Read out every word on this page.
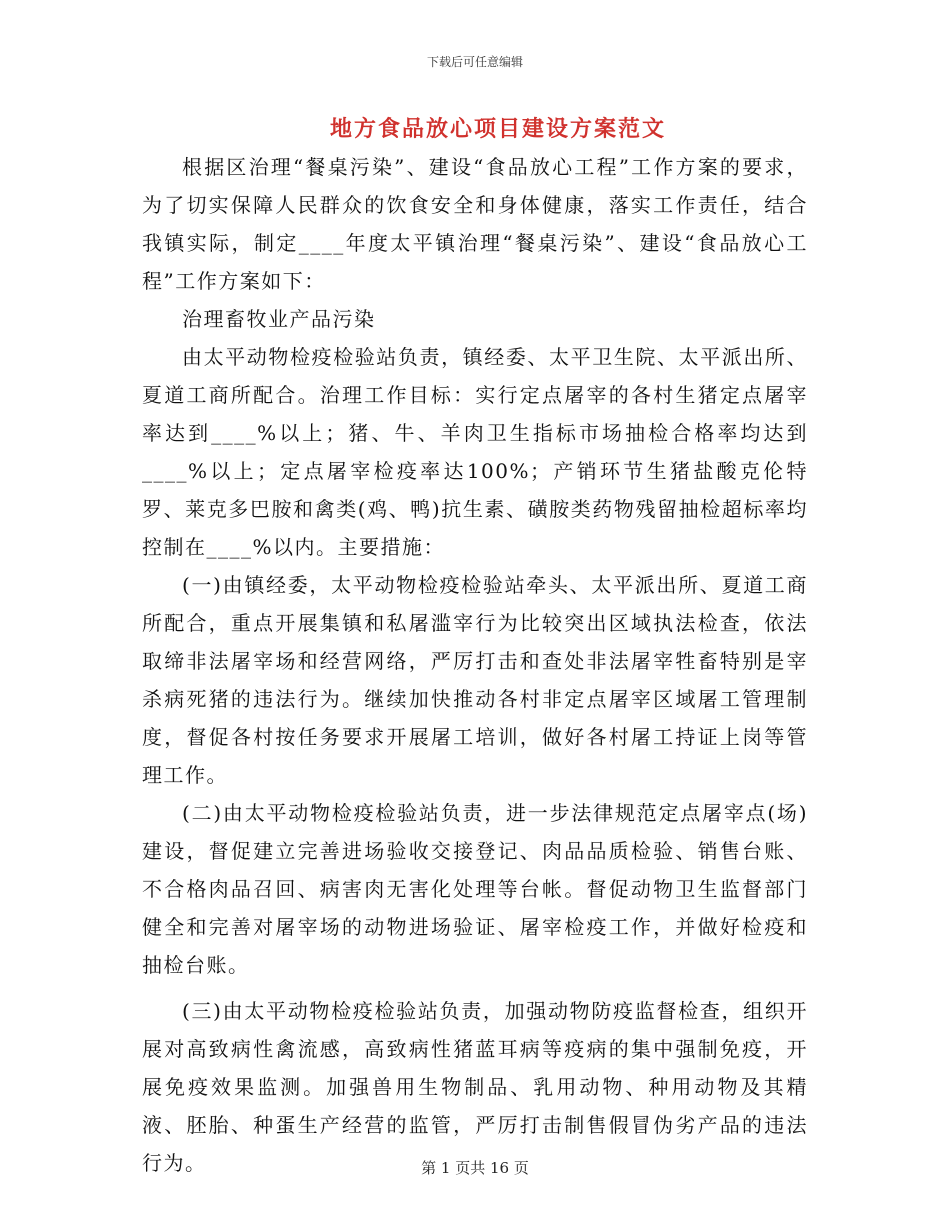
下载后可任意编辑
地方食品放心项目建设方案范文

根据区治理“餐桌污染”、建设“食品放心工程”工作方案的要求，为了切实保障人民群众的饮食安全和身体健康，落实工作责任，结合我镇实际，制定____年度太平镇治理“餐桌污染”、建设“食品放心工程”工作方案如下：

治理畜牧业产品污染

由太平动物检疫检验站负责，镇经委、太平卫生院、太平派出所、夏道工商所配合。治理工作目标：实行定点屠宰的各村生猪定点屠宰率达到____%以上；猪、牛、羊肉卫生指标市场抽检合格率均达到____%以上；定点屠宰检疫率达100%；产销环节生猪盐酸克伦特罗、莱克多巴胺和禽类(鸡、鸭)抗生素、磺胺类药物残留抽检超标率均控制在____%以内。主要措施：

(一)由镇经委，太平动物检疫检验站牵头、太平派出所、夏道工商所配合，重点开展集镇和私屠滥宰行为比较突出区域执法检查，依法取缔非法屠宰场和经营网络，严厉打击和查处非法屠宰牲畜特别是宰杀病死猪的违法行为。继续加快推动各村非定点屠宰区域屠工管理制度，督促各村按任务要求开展屠工培训，做好各村屠工持证上岗等管理工作。

(二)由太平动物检疫检验站负责，进一步法律规范定点屠宰点(场)建设，督促建立完善进场验收交接登记、肉品品质检验、销售台账、不合格肉品召回、病害肉无害化处理等台帐。督促动物卫生监督部门健全和完善对屠宰场的动物进场验证、屠宰检疫工作，并做好检疫和抽检台账。

(三)由太平动物检疫检验站负责，加强动物防疫监督检查，组织开展对高致病性禽流感，高致病性猪蓝耳病等疫病的集中强制免疫，开展免疫效果监测。加强兽用生物制品、乳用动物、种用动物及其精液、胚胎、种蛋生产经营的监管，严厉打击制售假冒伪劣产品的违法行为。	第 1 页共 16 页
